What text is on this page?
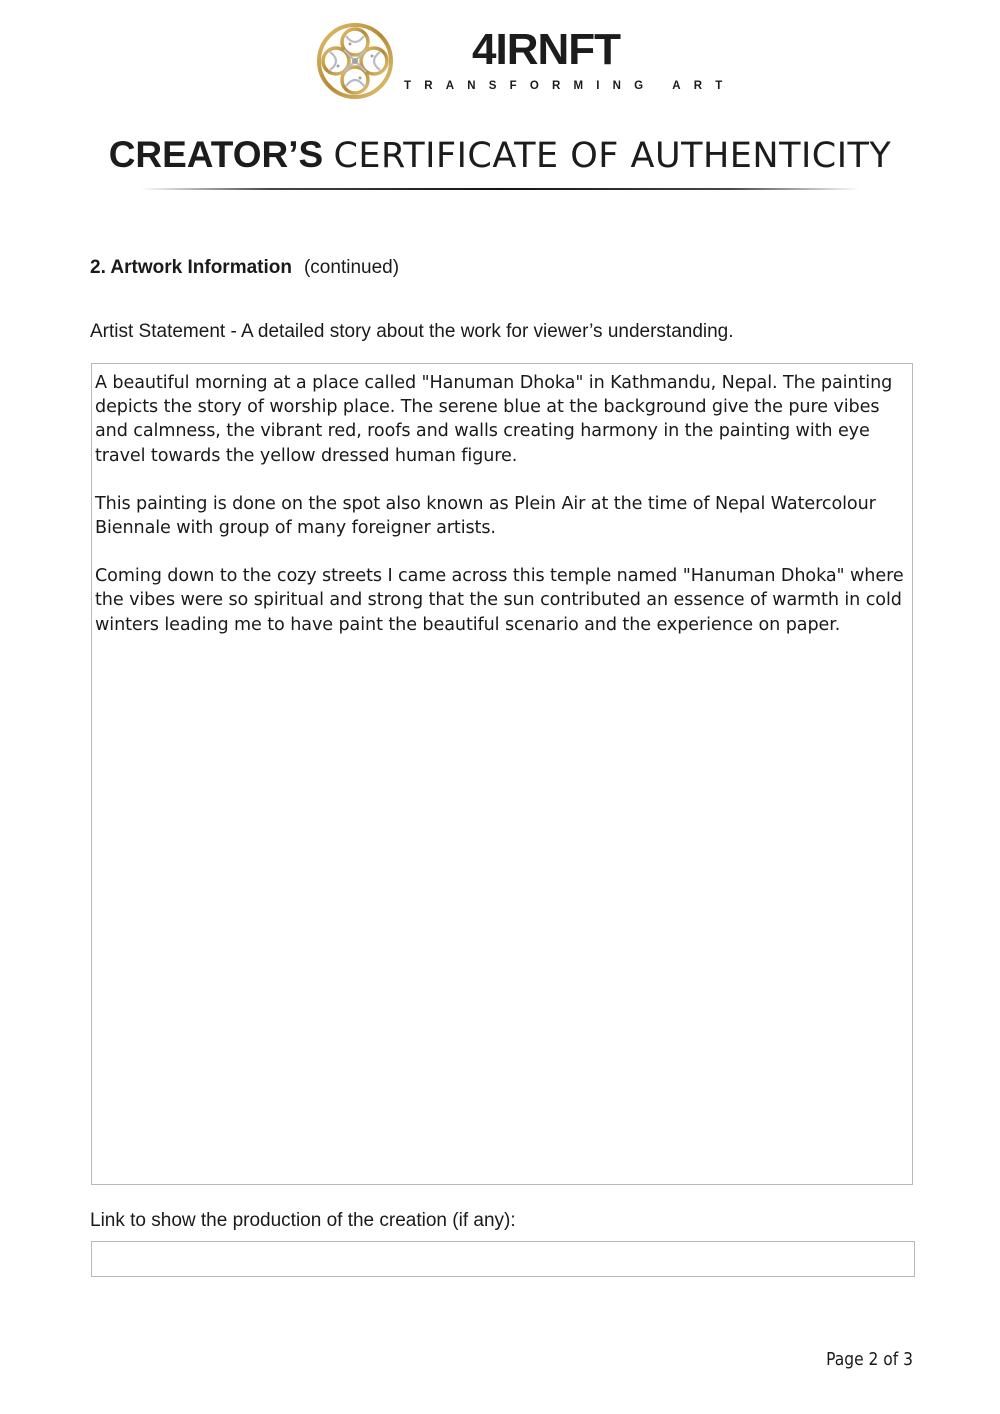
4IRNFT
TRANSFORMING ART
CREATOR’S CERTIFICATE OF AUTHENTICITY
2. Artwork Information (continued)
Artist Statement - A detailed story about the work for viewer’s understanding.

A beautiful morning at a place called "Hanuman Dhoka" in Kathmandu, Nepal. The painting depicts the story of worship place. The serene blue at the background give the pure vibes and calmness, the vibrant red, roofs and walls creating harmony in the painting with eye travel towards the yellow dressed human figure.

This painting is done on the spot also known as Plein Air at the time of Nepal Watercolour Biennale with group of many foreigner artists.

Coming down to the cozy streets I came across this temple named "Hanuman Dhoka" where the vibes were so spiritual and strong that the sun contributed an essence of warmth in cold winters leading me to have paint the beautiful scenario and the experience on paper.

Link to show the production of the creation (if any):
Page 2 of 3
